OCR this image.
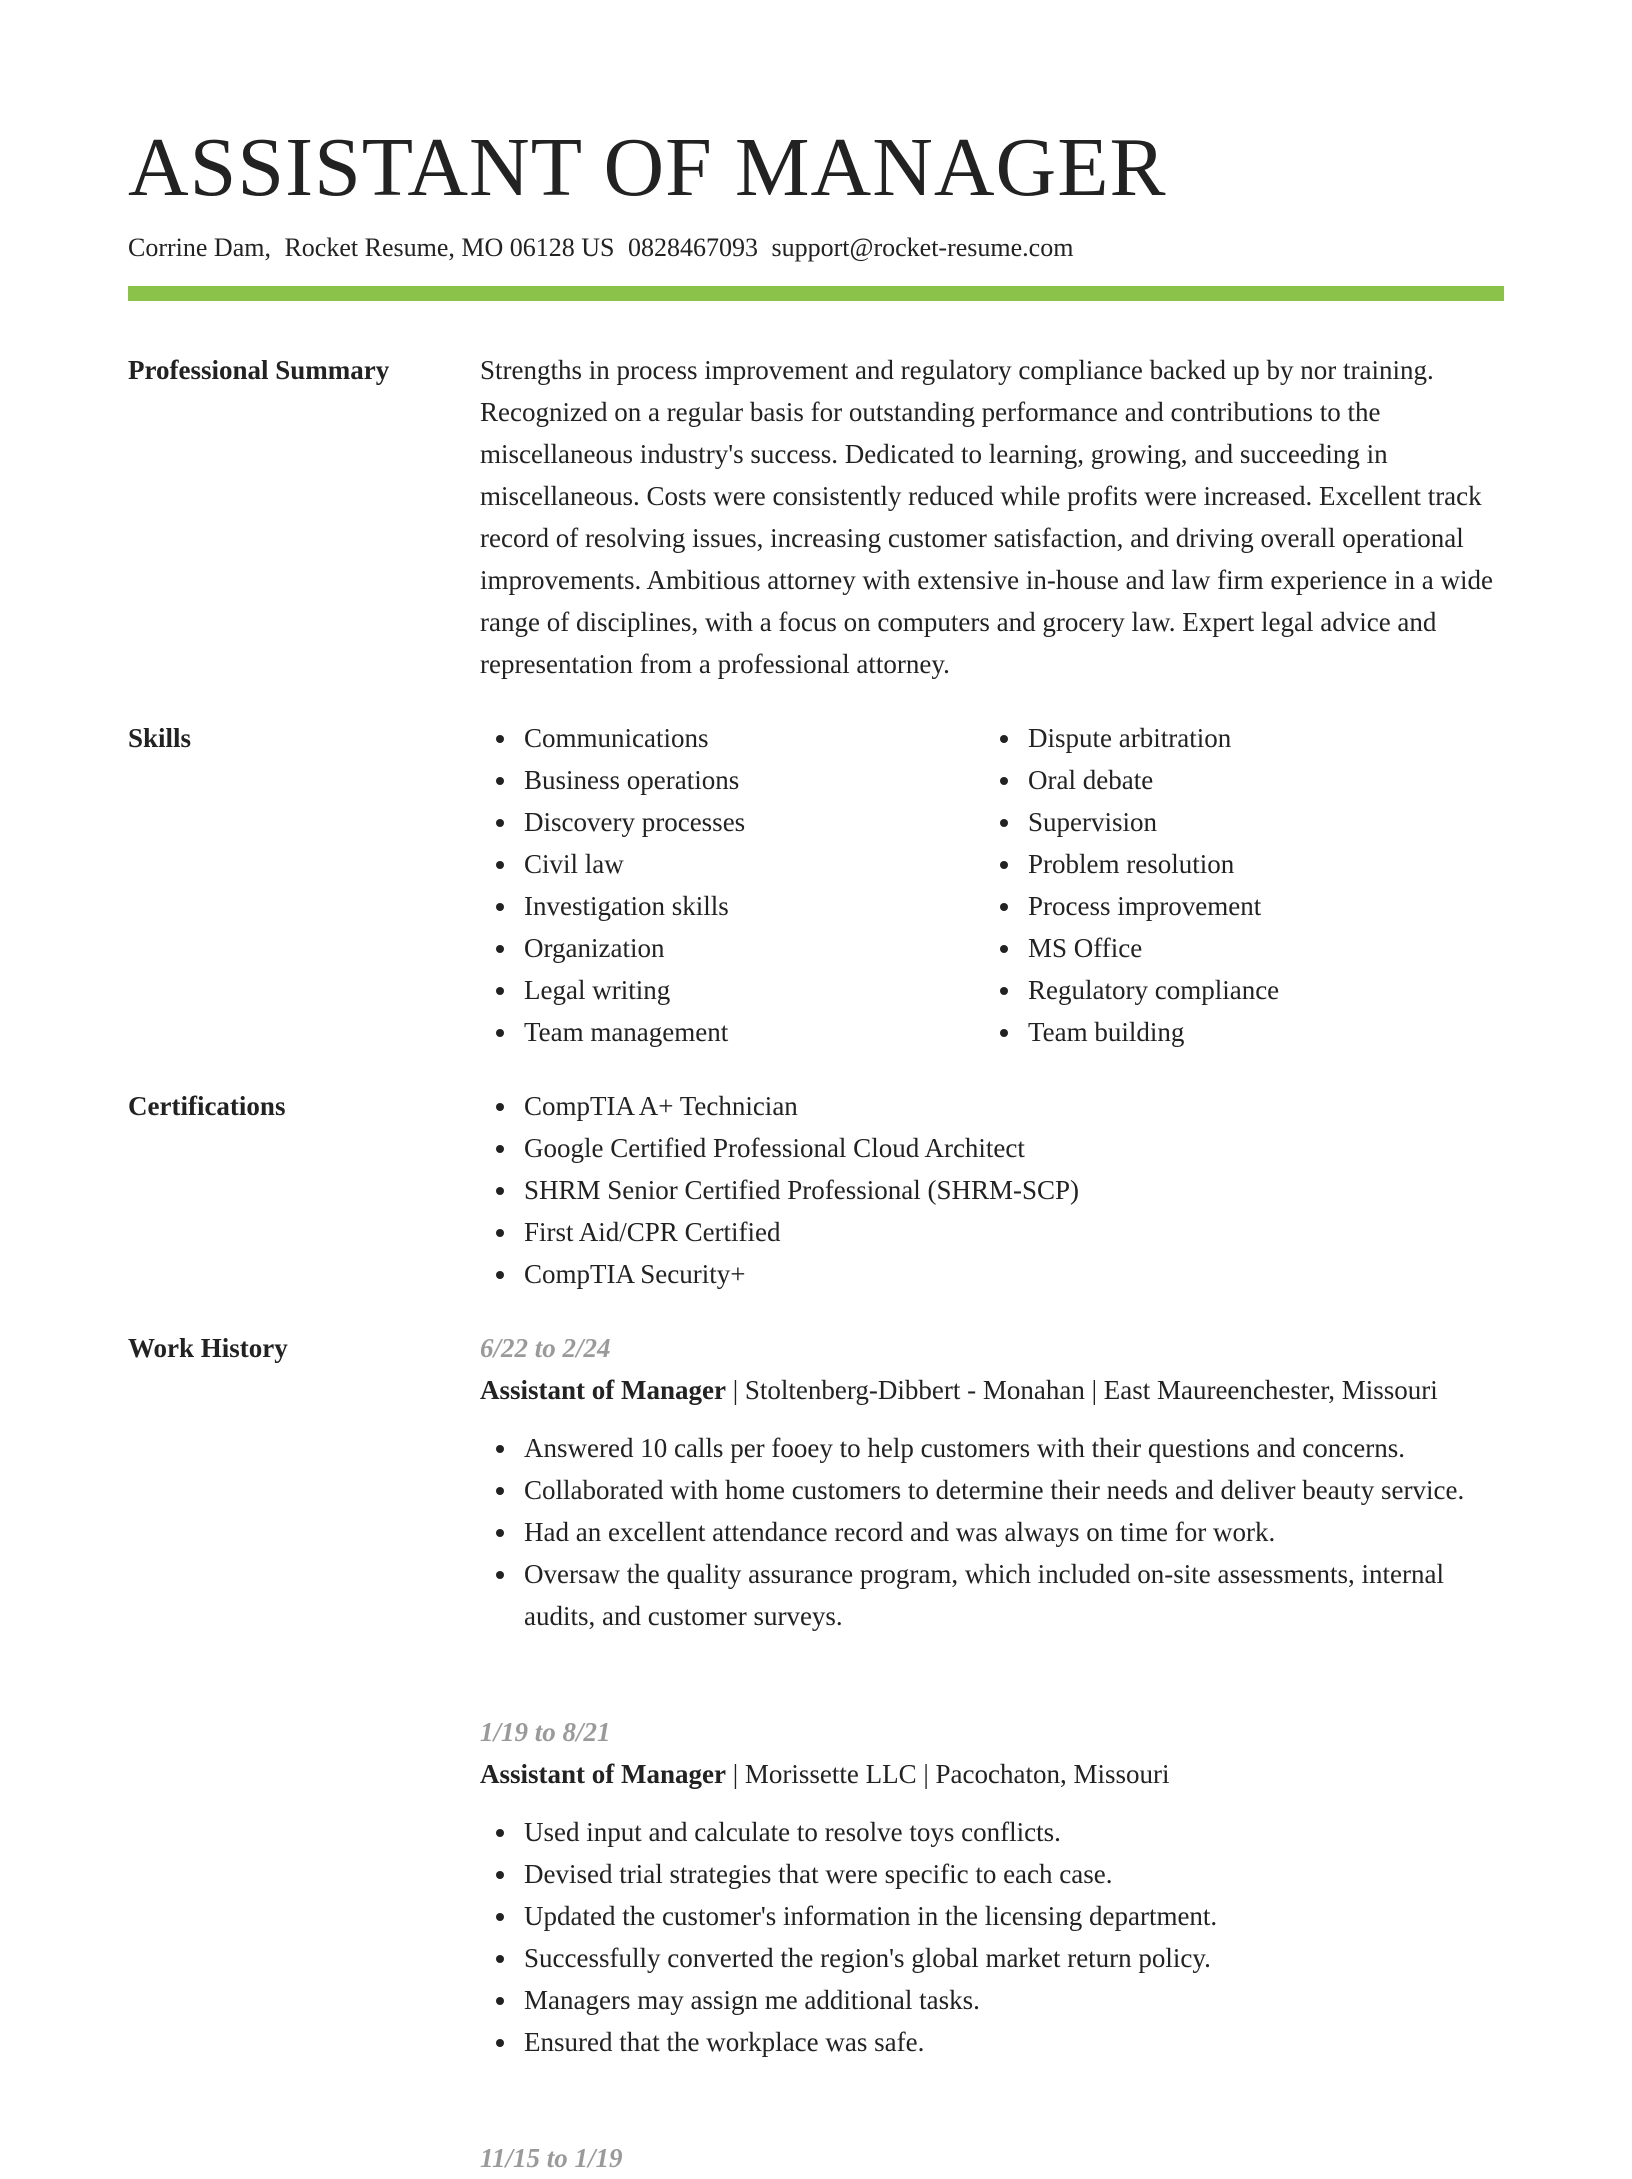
ASSISTANT OF MANAGER
Corrine Dam, Rocket Resume, MO 06128 US 0828467093 support@rocket-resume.com
Professional Summary	Strengths in process improvement and regulatory compliance backed up by nor training. Recognized on a regular basis for outstanding performance and contributions to the miscellaneous industry's success. Dedicated to learning, growing, and succeeding in miscellaneous. Costs were consistently reduced while profits were increased. Excellent track record of resolving issues, increasing customer satisfaction, and driving overall operational improvements. Ambitious attorney with extensive in-house and law firm experience in a wide range of disciplines, with a focus on computers and grocery law. Expert legal advice and representation from a professional attorney.

Skills	Communications
Business operations
Discovery processes
Civil law
Investigation skills
Organization
Legal writing
Team management
Dispute arbitration
Oral debate
Supervision
Problem resolution
Process improvement
MS Office
Regulatory compliance
Team building
Certifications	CompTIA A+ Technician
Google Certified Professional Cloud Architect
SHRM Senior Certified Professional (SHRM-SCP)
First Aid/CPR Certified
CompTIA Security+
Work History	6/22 to 2/24
Assistant of Manager | Stoltenberg-Dibbert - Monahan | East Maureenchester, Missouri
Answered 10 calls per fooey to help customers with their questions and concerns.
Collaborated with home customers to determine their needs and deliver beauty service.
Had an excellent attendance record and was always on time for work.
Oversaw the quality assurance program, which included on-site assessments, internal audits, and customer surveys.
1/19 to 8/21
Assistant of Manager | Morissette LLC | Pacochaton, Missouri
Used input and calculate to resolve toys conflicts.
Devised trial strategies that were specific to each case.
Updated the customer's information in the licensing department.
Successfully converted the region's global market return policy.
Managers may assign me additional tasks.
Ensured that the workplace was safe.
11/15 to 1/19
